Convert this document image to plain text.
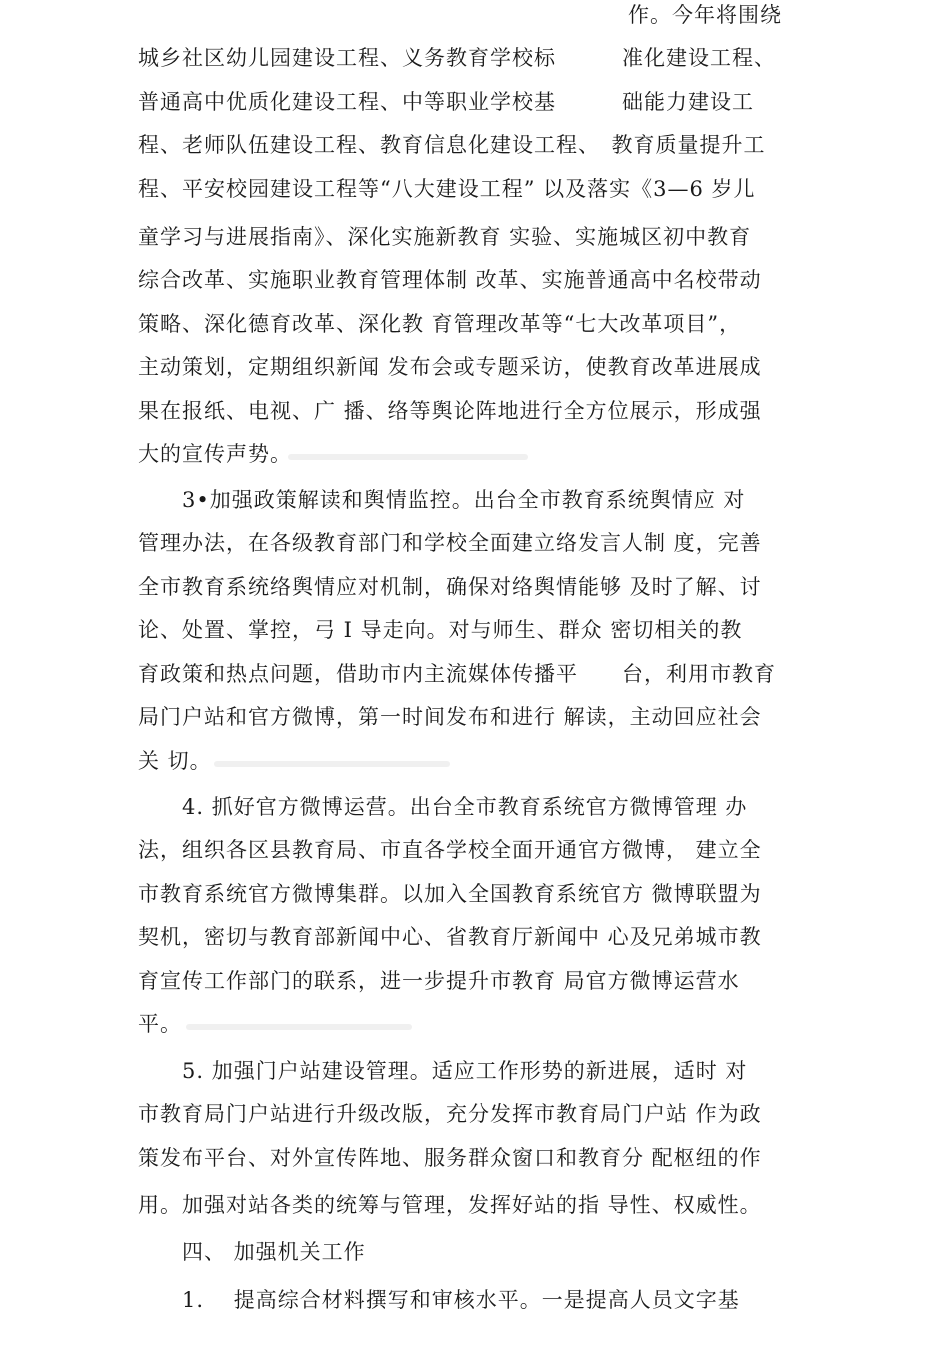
作。今年将围绕
城乡社区幼儿园建设工程、义务教育学校标　　　准化建设工程、
普通高中优质化建设工程、中等职业学校基　　　础能力建设工
程、老师队伍建设工程、教育信息化建设工程、　教育质量提升工
程、平安校园建设工程等“八大建设工程” 以及落实《3—6 岁儿
童学习与进展指南》、深化实施新教育 实验、实施城区初中教育
综合改革、实施职业教育管理体制 改革、实施普通高中名校带动
策略、深化德育改革、深化教 育管理改革等“七大改革项目”，
主动策划，定期组织新闻 发布会或专题采访，使教育改革进展成
果在报纸、电视、广 播、络等舆论阵地进行全方位展示，形成强
大的宣传声势。
　　3•加强政策解读和舆情监控。出台全市教育系统舆情应 对
管理办法，在各级教育部门和学校全面建立络发言人制 度，完善
全市教育系统络舆情应对机制，确保对络舆情能够 及时了解、讨
论、处置、掌控，弓 I 导走向。对与师生、群众 密切相关的教
育政策和热点问题，借助市内主流媒体传播平　　台，利用市教育
局门户站和官方微博，第一时间发布和进行 解读，主动回应社会
关 切。
　　4. 抓好官方微博运营。出台全市教育系统官方微博管理 办
法，组织各区县教育局、市直各学校全面开通官方微博， 建立全
市教育系统官方微博集群。以加入全国教育系统官方 微博联盟为
契机，密切与教育部新闻中心、省教育厅新闻中 心及兄弟城市教
育宣传工作部门的联系，进一步提升市教育 局官方微博运营水
平。
　　5. 加强门户站建设管理。适应工作形势的新进展，适时 对
市教育局门户站进行升级改版，充分发挥市教育局门户站 作为政
策发布平台、对外宣传阵地、服务群众窗口和教育分 配枢纽的作
用。加强对站各类的统筹与管理，发挥好站的指 导性、权威性。
　　四、 加强机关工作
　　1.　 提高综合材料撰写和审核水平。一是提高人员文字基
